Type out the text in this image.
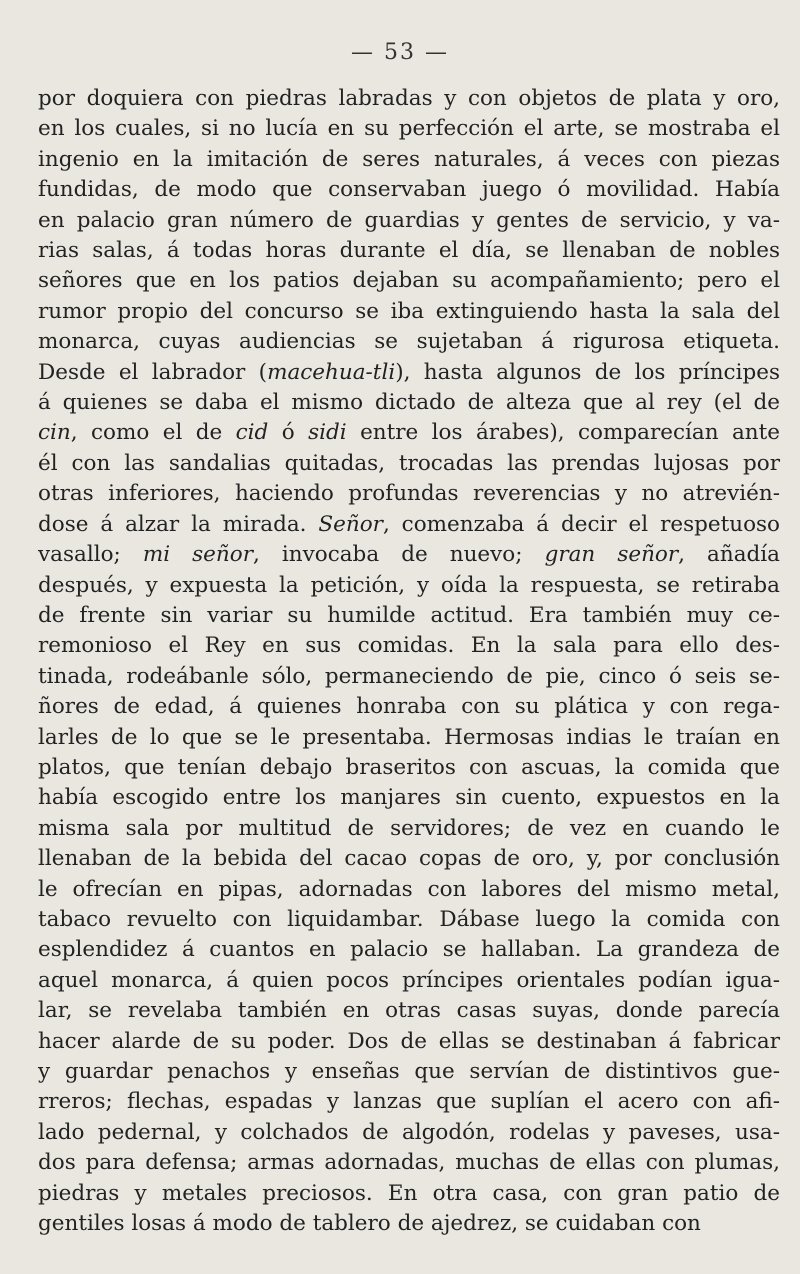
— 53 —
por doquiera con piedras labradas y con objetos de plata y oro,
en los cuales, si no lucía en su perfección el arte, se mostraba el
ingenio en la imitación de seres naturales, á veces con piezas
fundidas, de modo que conservaban juego ó movilidad. Había
en palacio gran número de guardias y gentes de servicio, y va-
rias salas, á todas horas durante el día, se llenaban de nobles
señores que en los patios dejaban su acompañamiento; pero el
rumor propio del concurso se iba extinguiendo hasta la sala del
monarca, cuyas audiencias se sujetaban á rigurosa etiqueta.
Desde el labrador (macehua-tli), hasta algunos de los príncipes
á quienes se daba el mismo dictado de alteza que al rey (el de
cin, como el de cid ó sidi entre los árabes), comparecían ante
él con las sandalias quitadas, trocadas las prendas lujosas por
otras inferiores, haciendo profundas reverencias y no atrevién-
dose á alzar la mirada. Señor, comenzaba á decir el respetuoso
vasallo; mi señor, invocaba de nuevo; gran señor, añadía
después, y expuesta la petición, y oída la respuesta, se retiraba
de frente sin variar su humilde actitud. Era también muy ce-
remonioso el Rey en sus comidas. En la sala para ello des-
tinada, rodeábanle sólo, permaneciendo de pie, cinco ó seis se-
ñores de edad, á quienes honraba con su plática y con rega-
larles de lo que se le presentaba. Hermosas indias le traían en
platos, que tenían debajo braseritos con ascuas, la comida que
había escogido entre los manjares sin cuento, expuestos en la
misma sala por multitud de servidores; de vez en cuando le
llenaban de la bebida del cacao copas de oro, y, por conclusión
le ofrecían en pipas, adornadas con labores del mismo metal,
tabaco revuelto con liquidambar. Dábase luego la comida con
esplendidez á cuantos en palacio se hallaban. La grandeza de
aquel monarca, á quien pocos príncipes orientales podían igua-
lar, se revelaba también en otras casas suyas, donde parecía
hacer alarde de su poder. Dos de ellas se destinaban á fabricar
y guardar penachos y enseñas que servían de distintivos gue-
rreros; flechas, espadas y lanzas que suplían el acero con afi-
lado pedernal, y colchados de algodón, rodelas y paveses, usa-
dos para defensa; armas adornadas, muchas de ellas con plumas,
piedras y metales preciosos. En otra casa, con gran patio de
gentiles losas á modo de tablero de ajedrez, se cuidaban con
